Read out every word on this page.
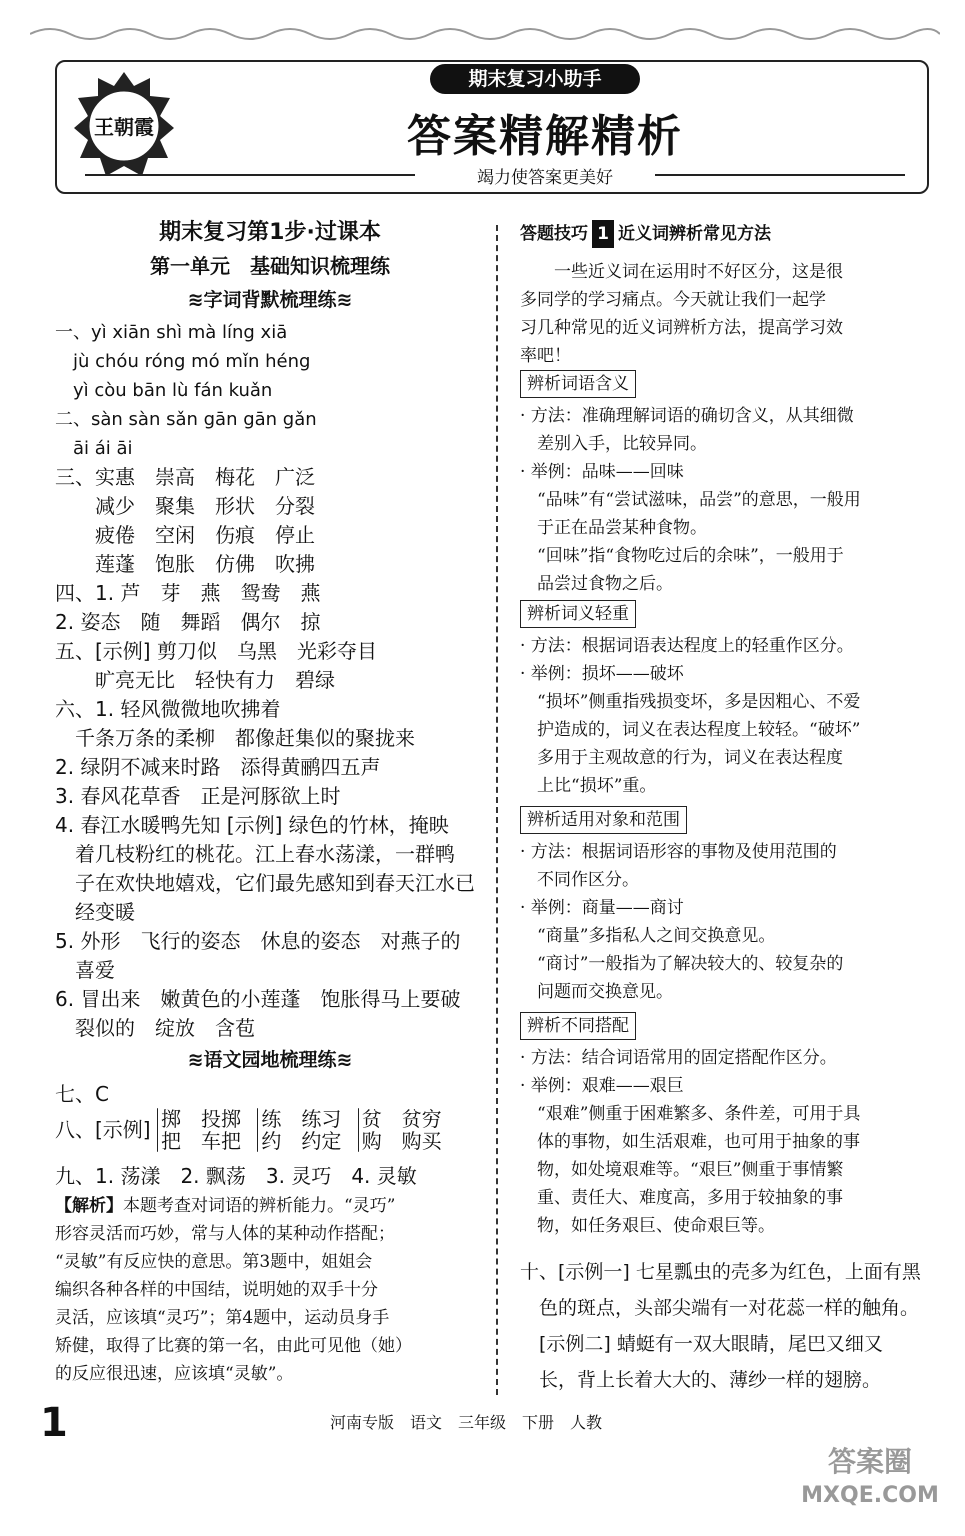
王朝霞
期末复习小助手
答案精解精析
竭力使答案更美好
期末复习第1步·过课本
第一单元　基础知识梳理练
≋字词背默梳理练≋
一、yì xiān shì mà líng xiā
　jù chóu róng mó mǐn héng
　yì còu bān lù fán kuǎn
二、sàn sàn sǎn gān gān gǎn
　āi ái āi
三、实惠　崇高　梅花　广泛
　　减少　聚集　形状　分裂
　　疲倦　空闲　伤痕　停止
　　莲蓬　饱胀　仿佛　吹拂
四、1. 芦　芽　燕　鸳鸯　燕
2. 姿态　随　舞蹈　偶尔　掠
五、[示例] 剪刀似　乌黑　光彩夺目
　　旷亮无比　轻快有力　碧绿
六、1. 轻风微微地吹拂着
　千条万条的柔柳　都像赶集似的聚拢来
2. 绿阴不减来时路　添得黄鹂四五声
3. 春风花草香　正是河豚欲上时
4. 春江水暖鸭先知 [示例] 绿色的竹林，掩映
　着几枝粉红的桃花。江上春水荡漾，一群鸭
　子在欢快地嬉戏，它们最先感知到春天江水已
　经变暖
5. 外形　飞行的姿态　休息的姿态　对燕子的
　喜爱
6. 冒出来　嫩黄色的小莲蓬　饱胀得马上要破
　裂似的　绽放　含苞
≋语文园地梳理练≋
七、C
八、[示例] 掷　投掷
把　车把 练　练习
约　约定 贫　贫穷
购　购买
九、1. 荡漾　2. 飘荡　3. 灵巧　4. 灵敏
【解析】本题考查对词语的辨析能力。“灵巧”
形容灵活而巧妙，常与人体的某种动作搭配；
“灵敏”有反应快的意思。第3题中，姐姐会
编织各种各样的中国结，说明她的双手十分
灵活，应该填“灵巧”；第4题中，运动员身手
矫健，取得了比赛的第一名，由此可见他（她）
的反应很迅速，应该填“灵敏”。
答题技巧 1 近义词辨析常见方法
　　一些近义词在运用时不好区分，这是很
多同学的学习痛点。今天就让我们一起学
习几种常见的近义词辨析方法，提高学习效
率吧！
辨析词语含义
· 方法：准确理解词语的确切含义，从其细微
　差别入手，比较异同。
· 举例：品味——回味
　“品味”有“尝试滋味，品尝”的意思，一般用
　于正在品尝某种食物。
　“回味”指“食物吃过后的余味”，一般用于
　品尝过食物之后。
辨析词义轻重
· 方法：根据词语表达程度上的轻重作区分。
· 举例：损坏——破坏
　“损坏”侧重指残损变坏，多是因粗心、不爱
　护造成的，词义在表达程度上较轻。“破坏”
　多用于主观故意的行为，词义在表达程度
　上比“损坏”重。
辨析适用对象和范围
· 方法：根据词语形容的事物及使用范围的
　不同作区分。
· 举例：商量——商讨
　“商量”多指私人之间交换意见。
　“商讨”一般指为了解决较大的、较复杂的
　问题而交换意见。
辨析不同搭配
· 方法：结合词语常用的固定搭配作区分。
· 举例：艰难——艰巨
　“艰难”侧重于困难繁多、条件差，可用于具
　体的事物，如生活艰难，也可用于抽象的事
　物，如处境艰难等。“艰巨”侧重于事情繁
　重、责任大、难度高，多用于较抽象的事
　物，如任务艰巨、使命艰巨等。
十、[示例一] 七星瓢虫的壳多为红色，上面有黑
　色的斑点，头部尖端有一对花蕊一样的触角。
　[示例二] 蜻蜓有一双大眼睛，尾巴又细又
　长，背上长着大大的、薄纱一样的翅膀。
1	河南专版　语文　三年级　下册　人教
答案圈
MXQE.COM
